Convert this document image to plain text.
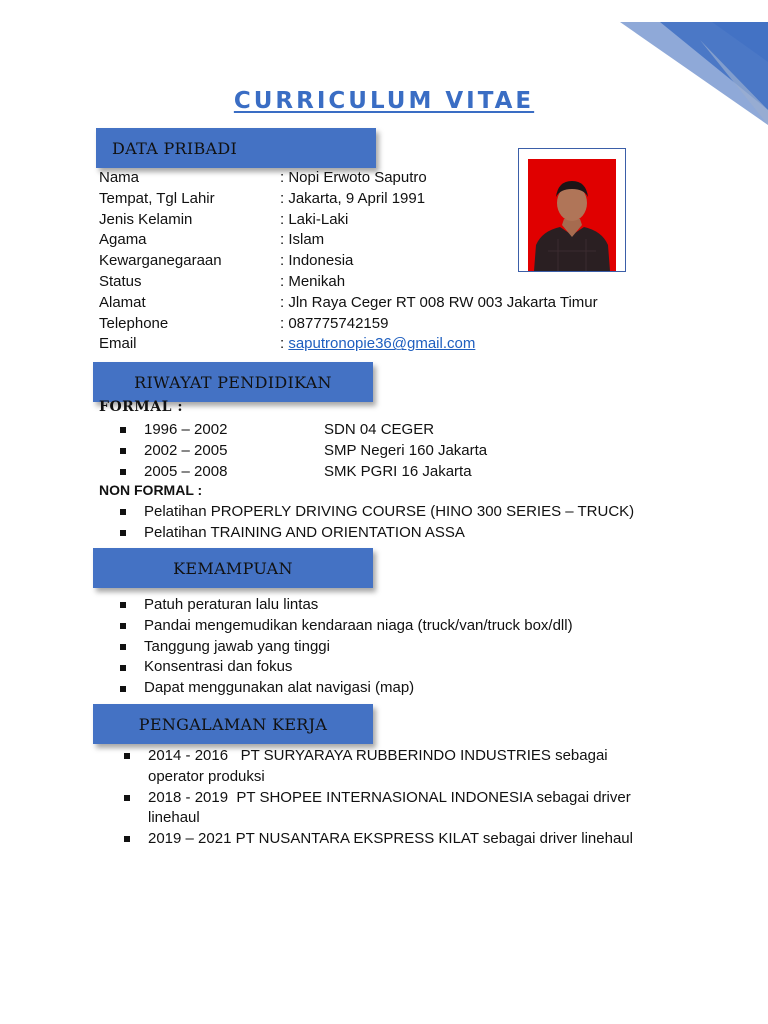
CURRICULUM VITAE
DATA PRIBADI
Nama	: Nopi Erwoto Saputro
Tempat, Tgl Lahir	: Jakarta, 9 April 1991
Jenis Kelamin	: Laki-Laki
Agama	: Islam
Kewarganegaraan	: Indonesia
Status	: Menikah
Alamat	: Jln Raya Ceger RT 008 RW 003 Jakarta Timur
Telephone	: 087775742159
Email	: saputronopie36@gmail.com
RIWAYAT PENDIDIKAN
FORMAL :
1996 – 2002	SDN 04 CEGER
2002 – 2005	SMP Negeri 160 Jakarta
2005 – 2008	SMK PGRI 16 Jakarta
NON FORMAL :
Pelatihan PROPERLY DRIVING COURSE (HINO 300 SERIES – TRUCK)
Pelatihan TRAINING AND ORIENTATION ASSA
KEMAMPUAN
Patuh peraturan lalu lintas
Pandai mengemudikan kendaraan niaga (truck/van/truck box/dll)
Tanggung jawab yang tinggi
Konsentrasi dan fokus
Dapat menggunakan alat navigasi (map)
PENGALAMAN KERJA
2014 - 2016   PT SURYARAYA RUBBERINDO INDUSTRIES sebagai operator produksi
2018 - 2019  PT SHOPEE INTERNASIONAL INDONESIA sebagai driver linehaul
2019 – 2021 PT NUSANTARA EKSPRESS KILAT sebagai driver linehaul
